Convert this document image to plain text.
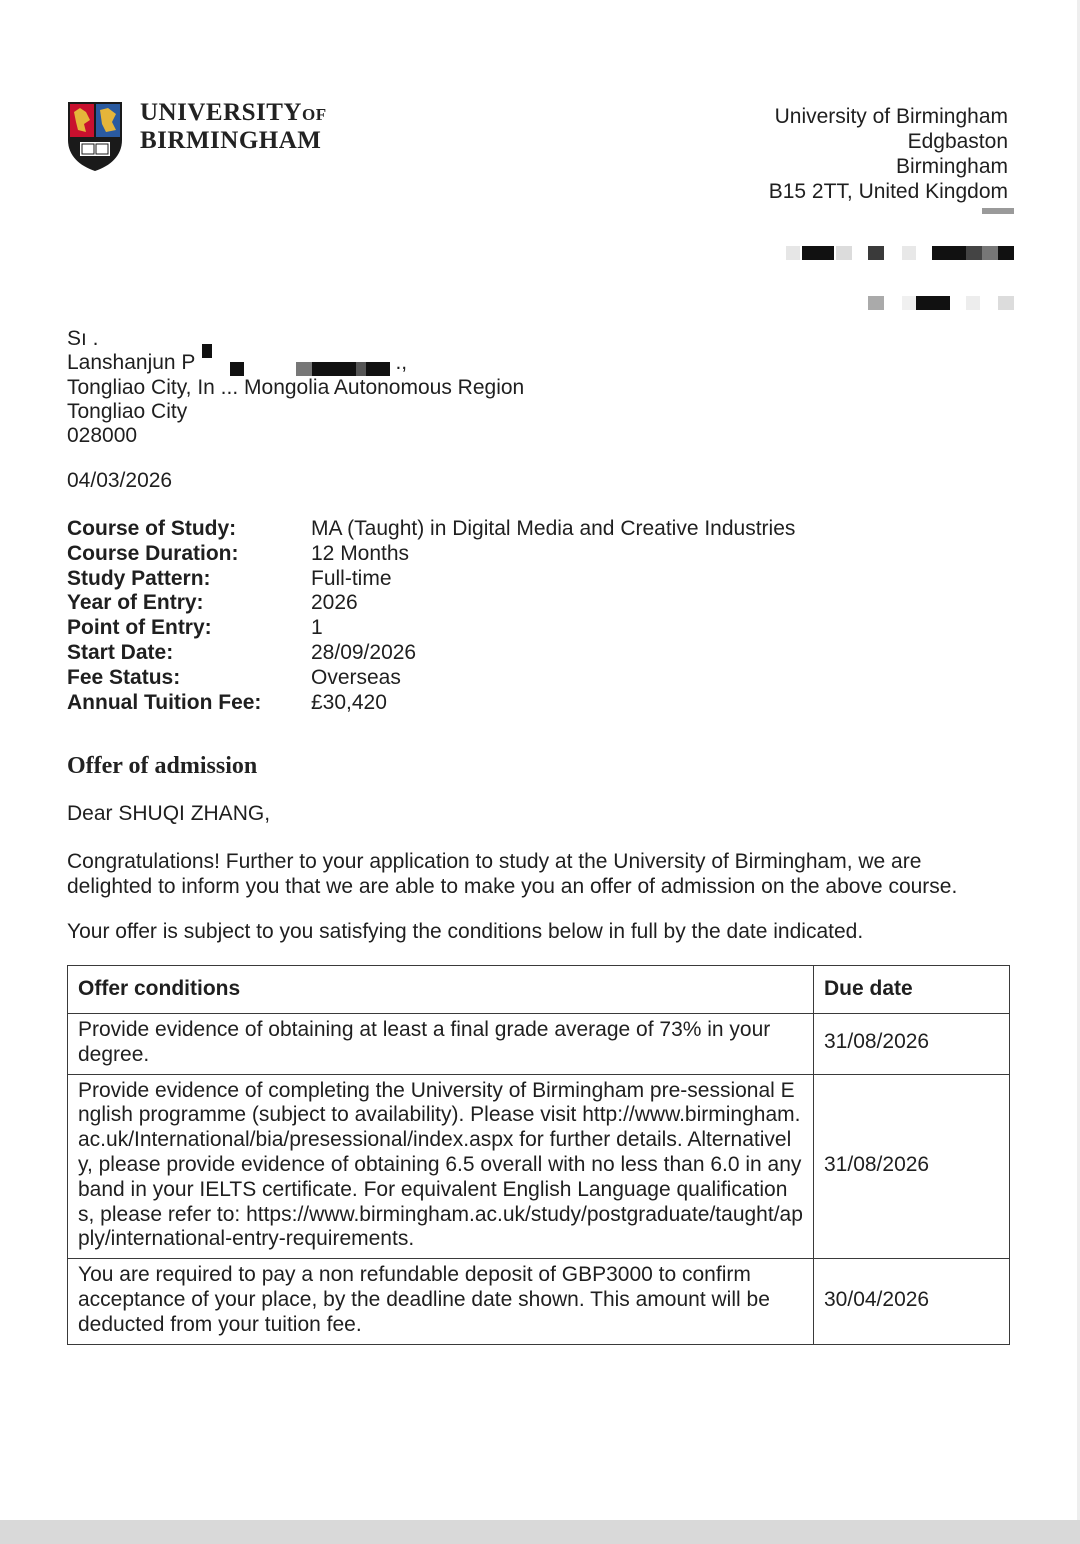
UNIVERSITYOF
BIRMINGHAM
University of Birmingham
Edgbaston
Birmingham
B15 2TT, United Kingdom
Sı .
Lanshanjun P	.,
Tongliao City, In ... Mongolia Autonomous Region
Tongliao City
028000
04/03/2026
Course of Study:	MA (Taught) in Digital Media and Creative Industries
Course Duration:	12 Months
Study Pattern:	Full-time
Year of Entry:	2026
Point of Entry:	1
Start Date:	28/09/2026
Fee Status:	Overseas
Annual Tuition Fee:	£30,420
Offer of admission
Dear SHUQI ZHANG,
Congratulations! Further to your application to study at the University of Birmingham, we are delighted to inform you that we are able to make you an offer of admission on the above course.
Your offer is subject to you satisfying the conditions below in full by the date indicated.
Offer conditions	Due date
Provide evidence of obtaining at least a final grade average of 73% in your degree.	31/08/2026
Provide evidence of completing the University of Birmingham pre-sessional English programme (subject to availability). Please visit http://www.birmingham.ac.uk/International/bia/presessional/index.aspx for further details. Alternatively, please provide evidence of obtaining 6.5 overall with no less than 6.0 in any band in your IELTS certificate. For equivalent English Language qualifications, please refer to: https://www.birmingham.ac.uk/study/postgraduate/taught/apply/international-entry-requirements.	31/08/2026
You are required to pay a non refundable deposit of GBP3000 to confirm acceptance of your place, by the deadline date shown. This amount will be deducted from your tuition fee.	30/04/2026
